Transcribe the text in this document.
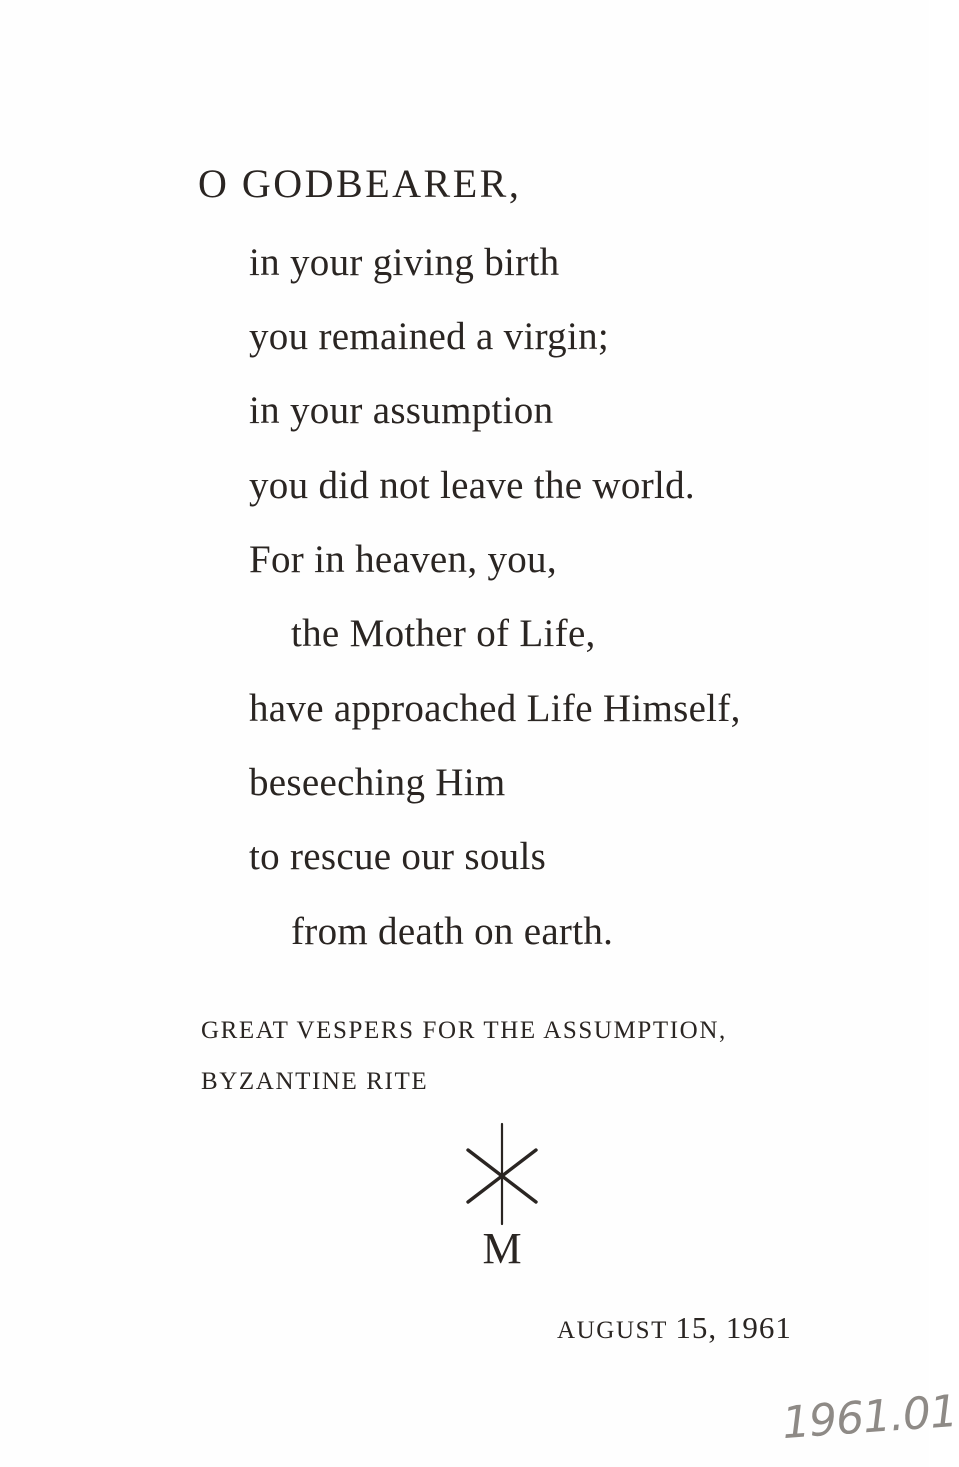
O GODBEARER,
in your giving birth
you remained a virgin;
in your assumption
you did not leave the world.
For in heaven, you,
the Mother of Life,
have approached Life Himself,
beseeching Him
to rescue our souls
from death on earth.
GREAT VESPERS FOR THE ASSUMPTION,
BYZANTINE RITE
M
AUGUST 15, 1961
1961.01
